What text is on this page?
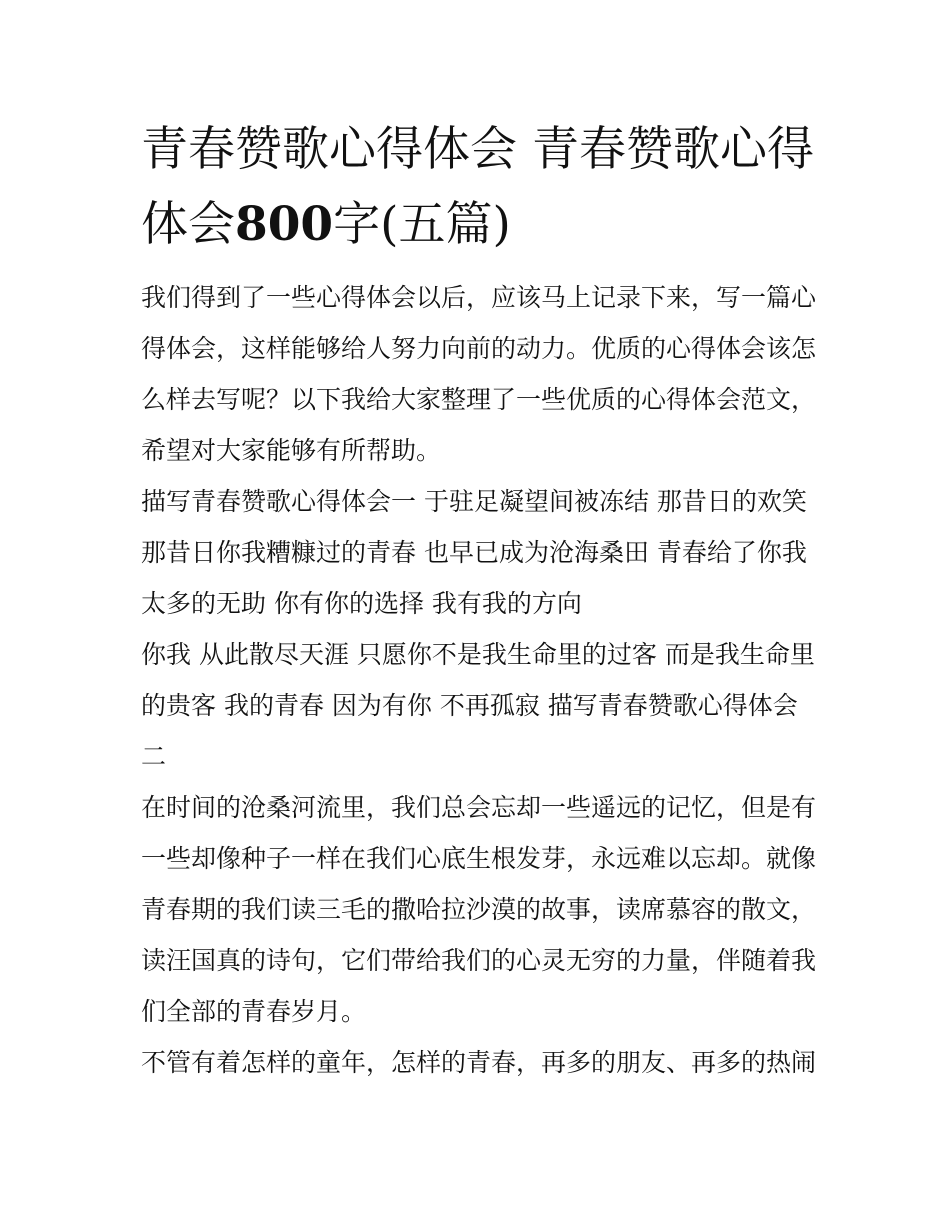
青春赞歌心得体会 青春赞歌心得体会800字(五篇)

我们得到了一些心得体会以后，应该马上记录下来，写一篇心得体会，这样能够给人努力向前的动力。优质的心得体会该怎么样去写呢？以下我给大家整理了一些优质的心得体会范文，希望对大家能够有所帮助。

描写青春赞歌心得体会一 于驻足凝望间被冻结 那昔日的欢笑 那昔日你我糟糠过的青春 也早已成为沧海桑田 青春给了你我太多的无助 你有你的选择 我有我的方向

你我 从此散尽天涯 只愿你不是我生命里的过客 而是我生命里的贵客 我的青春 因为有你 不再孤寂 描写青春赞歌心得体会二

在时间的沧桑河流里，我们总会忘却一些遥远的记忆，但是有一些却像种子一样在我们心底生根发芽，永远难以忘却。就像青春期的我们读三毛的撒哈拉沙漠的故事，读席慕容的散文，读汪国真的诗句，它们带给我们的心灵无穷的力量，伴随着我们全部的青春岁月。

不管有着怎样的童年，怎样的青春，再多的朋友、再多的热闹
